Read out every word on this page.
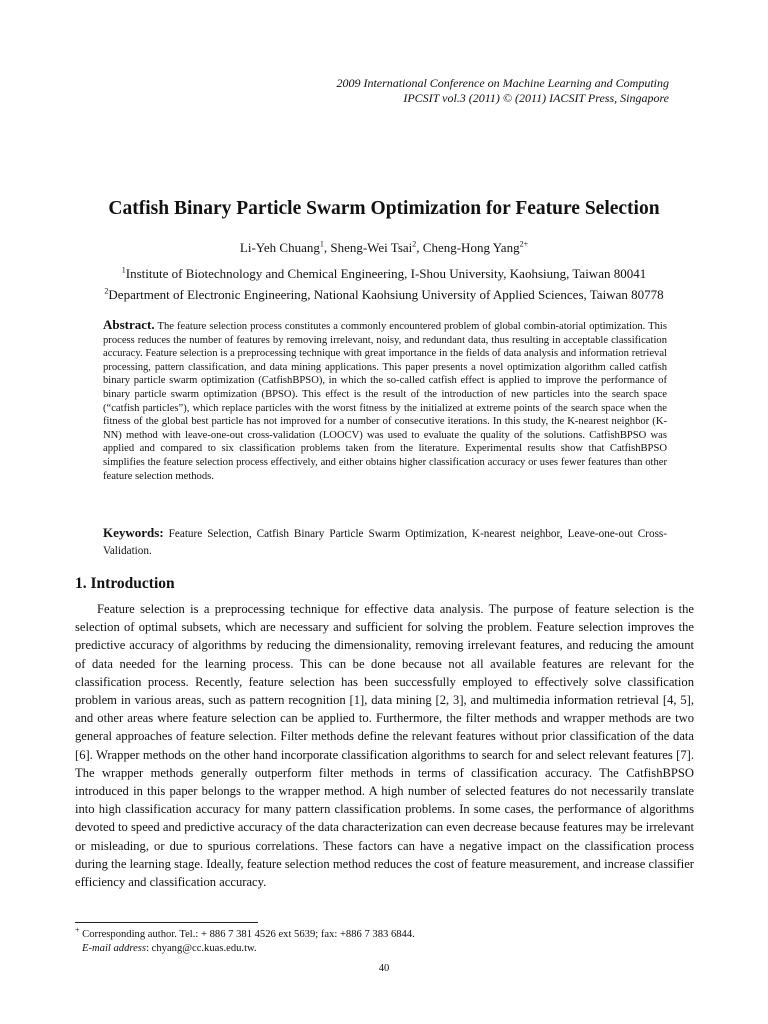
2009 International Conference on Machine Learning and Computing
IPCSIT vol.3 (2011) © (2011) IACSIT Press, Singapore
Catfish Binary Particle Swarm Optimization for Feature Selection
Li-Yeh Chuang$^1$, Sheng-Wei Tsai$^2$, Cheng-Hong Yang$^{2+}$
$^1$Institute of Biotechnology and Chemical Engineering, I-Shou University, Kaohsiung, Taiwan 80041
$^2$Department of Electronic Engineering, National Kaohsiung University of Applied Sciences, Taiwan 80778
Abstract. The feature selection process constitutes a commonly encountered problem of global combin-atorial optimization. This process reduces the number of features by removing irrelevant, noisy, and redundant data, thus resulting in acceptable classification accuracy. Feature selection is a preprocessing technique with great importance in the fields of data analysis and information retrieval processing, pattern classification, and data mining applications. This paper presents a novel optimization algorithm called catfish binary particle swarm optimization (CatfishBPSO), in which the so-called catfish effect is applied to improve the performance of binary particle swarm optimization (BPSO). This effect is the result of the introduction of new particles into the search space (“catfish particles”), which replace particles with the worst fitness by the initialized at extreme points of the search space when the fitness of the global best particle has not improved for a number of consecutive iterations. In this study, the K-nearest neighbor (K-NN) method with leave-one-out cross-validation (LOOCV) was used to evaluate the quality of the solutions. CatfishBPSO was applied and compared to six classification problems taken from the literature. Experimental results show that CatfishBPSO simplifies the feature selection process effectively, and either obtains higher classification accuracy or uses fewer features than other feature selection methods.
Keywords: Feature Selection, Catfish Binary Particle Swarm Optimization, K-nearest neighbor, Leave-one-out Cross-Validation.
1. Introduction

Feature selection is a preprocessing technique for effective data analysis. The purpose of feature selection is the selection of optimal subsets, which are necessary and sufficient for solving the problem. Feature selection improves the predictive accuracy of algorithms by reducing the dimensionality, removing irrelevant features, and reducing the amount of data needed for the learning process. This can be done because not all available features are relevant for the classification process. Recently, feature selection has been successfully employed to effectively solve classification problem in various areas, such as pattern recognition [1], data mining [2, 3], and multimedia information retrieval [4, 5], and other areas where feature selection can be applied to. Furthermore, the filter methods and wrapper methods are two general approaches of feature selection. Filter methods define the relevant features without prior classification of the data [6]. Wrapper methods on the other hand incorporate classification algorithms to search for and select relevant features [7]. The wrapper methods generally outperform filter methods in terms of classification accuracy. The CatfishBPSO introduced in this paper belongs to the wrapper method. A high number of selected features do not necessarily translate into high classification accuracy for many pattern classification problems. In some cases, the performance of algorithms devoted to speed and predictive accuracy of the data characterization can even decrease because features may be irrelevant or misleading, or due to spurious correlations. These factors can have a negative impact on the classification process during the learning stage. Ideally, feature selection method reduces the cost of feature measurement, and increase classifier efficiency and classification accuracy.

+ Corresponding author. Tel.: + 886 7 381 4526 ext 5639; fax: +886 7 383 6844.
E-mail address: chyang@cc.kuas.edu.tw.
40
